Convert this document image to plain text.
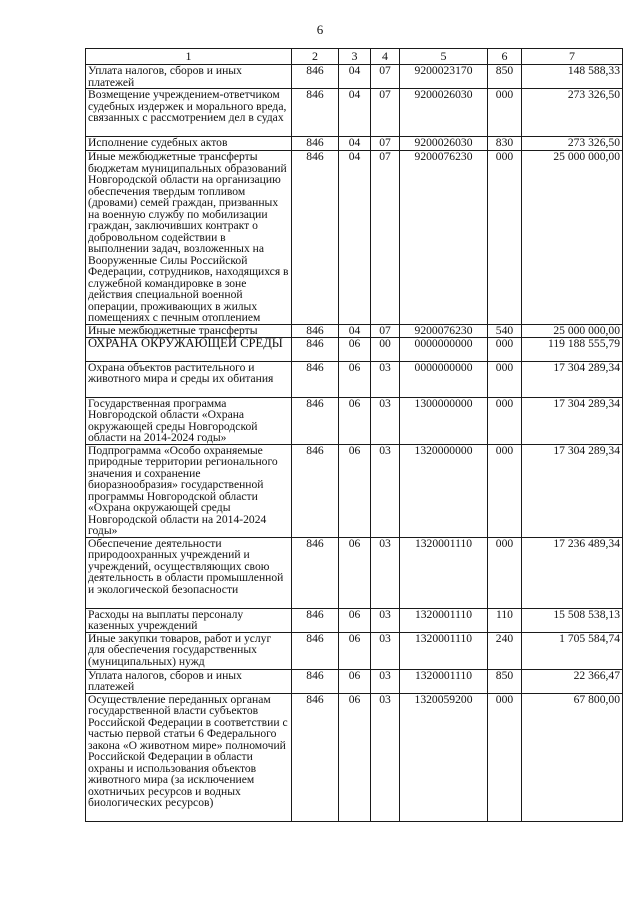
6
1	2	3	4	5	6	7
Уплата налогов, сборов и иных платежей	846	04	07	9200023170	850	148 588,33
Возмещение учреждением-ответчиком судебных издержек и морального вреда, связанных с рассмотрением дел в судах	846	04	07	9200026030	000	273 326,50
Исполнение судебных актов	846	04	07	9200026030	830	273 326,50
Иные межбюджетные трансферты бюджетам муниципальных образований Новгородской области на организацию обеспечения твердым топливом (дровами) семей граждан, призванных на военную службу по мобилизации граждан, заключивших контракт о добровольном содействии в выполнении задач, возложенных на Вооруженные Силы Российской Федерации, сотрудников, находящихся в служебной командировке в зоне действия специальной военной операции, проживающих в жилых помещениях с печным отоплением	846	04	07	9200076230	000	25 000 000,00
Иные межбюджетные трансферты	846	04	07	9200076230	540	25 000 000,00
ОХРАНА ОКРУЖАЮЩЕЙ СРЕДЫ	846	06	00	0000000000	000	119 188 555,79
Охрана объектов растительного и животного мира и среды их обитания	846	06	03	0000000000	000	17 304 289,34
Государственная программа Новгородской области «Охрана окружающей среды Новгородской области на 2014-2024 годы»	846	06	03	1300000000	000	17 304 289,34
Подпрограмма «Особо охраняемые природные территории регионального значения и сохранение биоразнообразия» государственной программы Новгородской области «Охрана окружающей среды Новгородской области на 2014-2024 годы»	846	06	03	1320000000	000	17 304 289,34
Обеспечение деятельности природоохранных учреждений и учреждений, осуществляющих свою деятельность в области промышленной и экологической безопасности	846	06	03	1320001110	000	17 236 489,34
Расходы на выплаты персоналу казенных учреждений	846	06	03	1320001110	110	15 508 538,13
Иные закупки товаров, работ и услуг для обеспечения государственных (муниципальных) нужд	846	06	03	1320001110	240	1 705 584,74
Уплата налогов, сборов и иных платежей	846	06	03	1320001110	850	22 366,47
Осуществление переданных органам государственной власти субъектов Российской Федерации в соответствии с частью первой статьи 6 Федерального закона «О животном мире» полномочий Российской Федерации в области охраны и использования объектов животного мира (за исключением охотничьих ресурсов и водных биологических ресурсов)	846	06	03	1320059200	000	67 800,00
